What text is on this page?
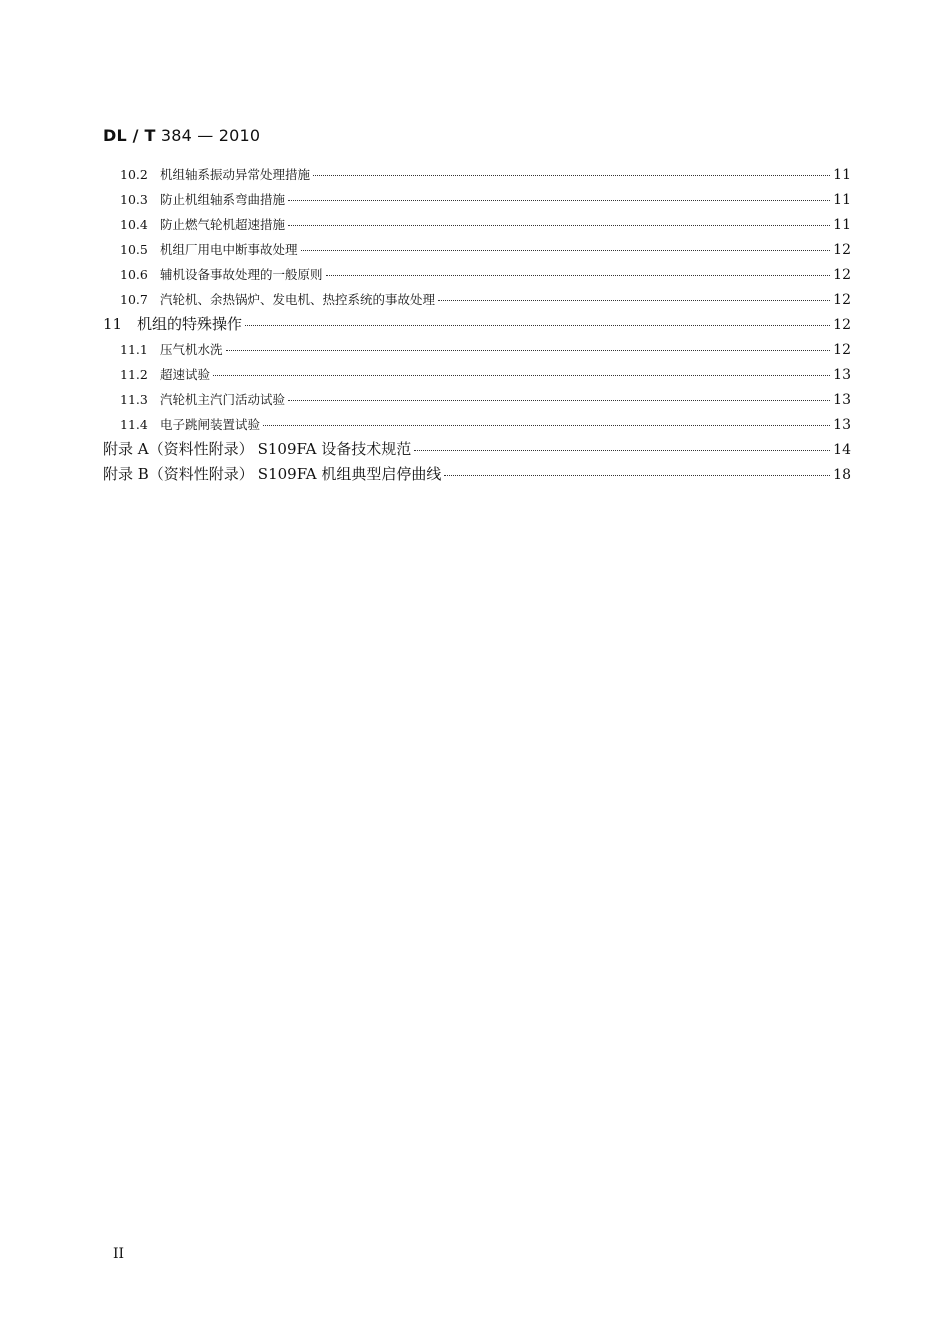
DL / T 384 — 2010
10.2 机组轴系振动异常处理措施	11
10.3 防止机组轴系弯曲措施	11
10.4 防止燃气轮机超速措施	11
10.5 机组厂用电中断事故处理	12
10.6 辅机设备事故处理的一般原则	12
10.7 汽轮机、余热锅炉、发电机、热控系统的事故处理	12
11 机组的特殊操作	12
11.1 压气机水洗	12
11.2 超速试验	13
11.3 汽轮机主汽门活动试验	13
11.4 电子跳闸装置试验	13
附录 A（资料性附录） S109FA 设备技术规范	14
附录 B（资料性附录） S109FA 机组典型启停曲线	18
II
